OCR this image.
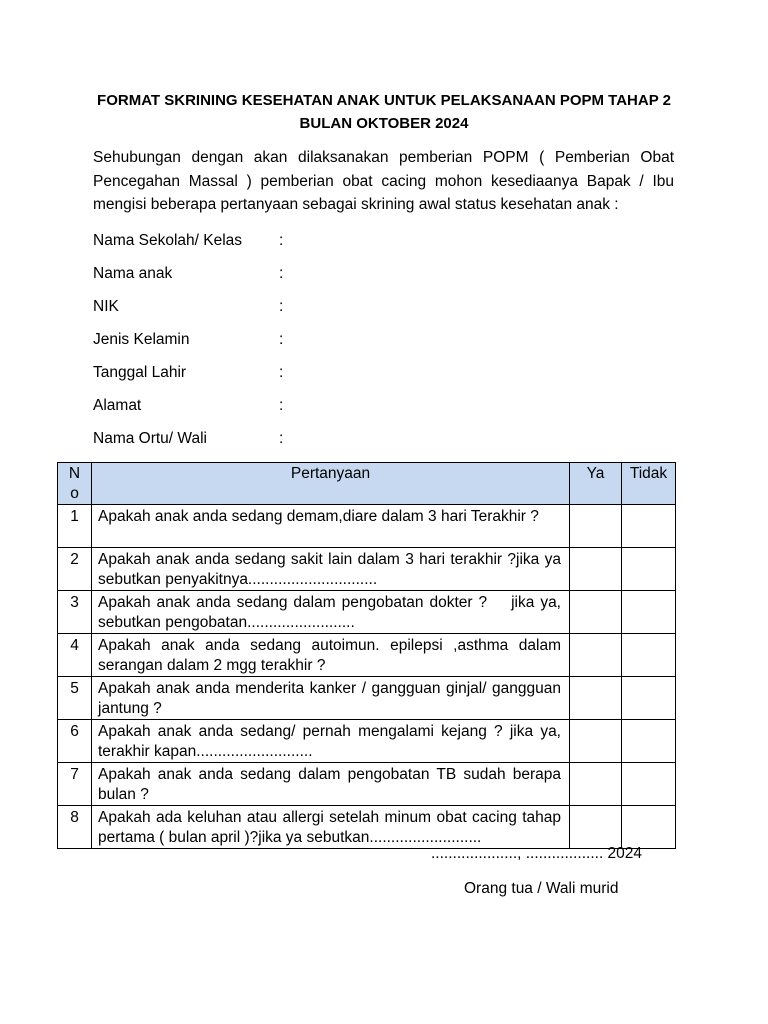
FORMAT SKRINING KESEHATAN ANAK UNTUK PELAKSANAAN POPM TAHAP 2
BULAN OKTOBER 2024
Sehubungan dengan akan dilaksanakan pemberian POPM ( Pemberian Obat
Pencegahan Massal ) pemberian obat cacing mohon kesediaanya Bapak / Ibu
mengisi beberapa pertanyaan sebagai skrining awal status kesehatan anak :
Nama Sekolah/ Kelas	:
Nama anak	:
NIK	:
Jenis Kelamin	:
Tanggal Lahir	:
Alamat	:
Nama Ortu/ Wali	:
No	Pertanyaan	Ya	Tidak
1	Apakah anak anda sedang demam,diare dalam 3 hari Terakhir ?		
2	Apakah anak anda sedang sakit lain dalam 3 hari terakhir ?jika ya sebutkan penyakitnya..............................		
3	Apakah anak anda sedang dalam pengobatan dokter ?    jika ya, sebutkan pengobatan.........................		
4	Apakah anak anda sedang autoimun. epilepsi ,asthma dalam serangan dalam 2 mgg terakhir ?		
5	Apakah anak anda menderita kanker / gangguan ginjal/ gangguan jantung ?		
6	Apakah anak anda sedang/ pernah mengalami kejang ? jika ya, terakhir kapan...........................		
7	Apakah anak anda sedang dalam pengobatan TB sudah berapa bulan ?		
8	Apakah ada keluhan atau allergi setelah minum obat cacing tahap pertama ( bulan april )?jika ya sebutkan..........................		
...................., .................. 2024
Orang tua / Wali murid
